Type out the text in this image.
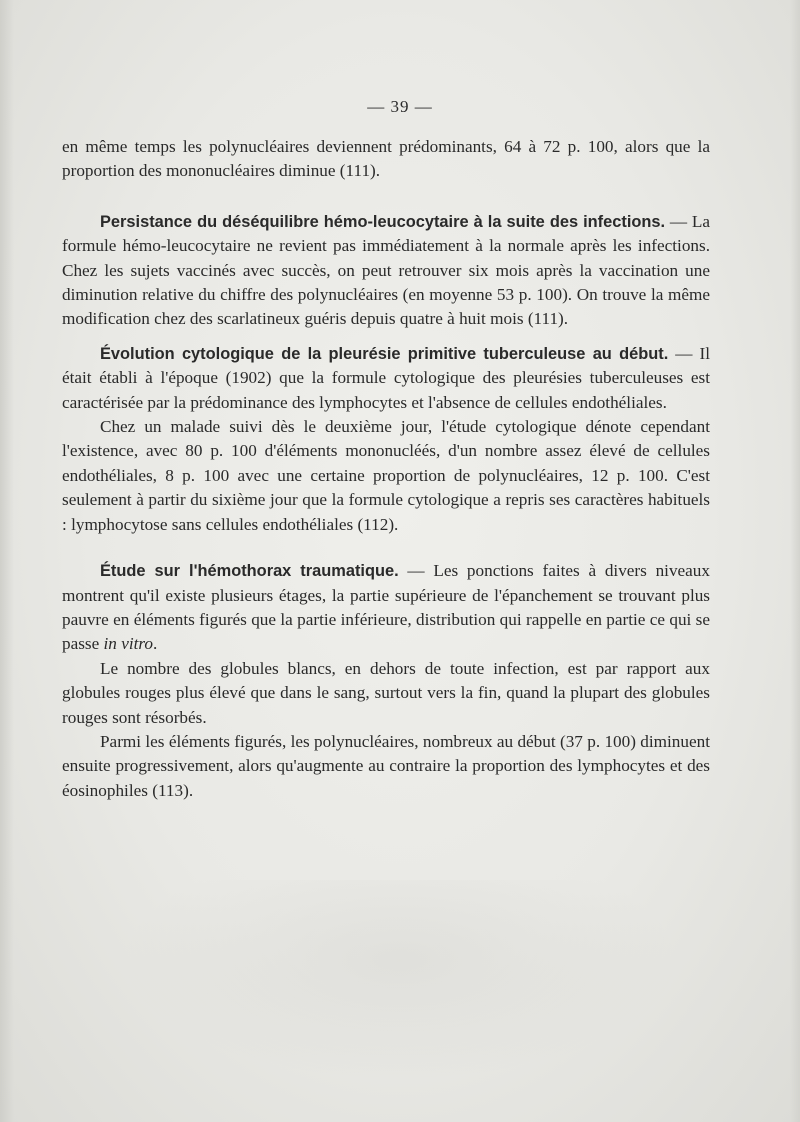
— 39 —

en même temps les polynucléaires deviennent prédominants, 64 à 72 p. 100, alors que la proportion des mononucléaires diminue (111).

Persistance du déséquilibre hémo-leucocytaire à la suite des infections. — La formule hémo-leucocytaire ne revient pas immédiatement à la normale après les infections. Chez les sujets vaccinés avec succès, on peut retrouver six mois après la vaccination une diminution relative du chiffre des polynucléaires (en moyenne 53 p. 100). On trouve la même modification chez des scarlatineux guéris depuis quatre à huit mois (111).

Évolution cytologique de la pleurésie primitive tuberculeuse au début. — Il était établi à l'époque (1902) que la formule cytologique des pleurésies tuberculeuses est caractérisée par la prédominance des lymphocytes et l'absence de cellules endothéliales.

Chez un malade suivi dès le deuxième jour, l'étude cytologique dénote cependant l'existence, avec 80 p. 100 d'éléments mononucléés, d'un nombre assez élevé de cellules endothéliales, 8 p. 100 avec une certaine proportion de polynucléaires, 12 p. 100. C'est seulement à partir du sixième jour que la formule cytologique a repris ses caractères habituels : lymphocytose sans cellules endothéliales (112).

Étude sur l'hémothorax traumatique. — Les ponctions faites à divers niveaux montrent qu'il existe plusieurs étages, la partie supérieure de l'épanchement se trouvant plus pauvre en éléments figurés que la partie inférieure, distribution qui rappelle en partie ce qui se passe in vitro.

Le nombre des globules blancs, en dehors de toute infection, est par rapport aux globules rouges plus élevé que dans le sang, surtout vers la fin, quand la plupart des globules rouges sont résorbés.

Parmi les éléments figurés, les polynucléaires, nombreux au début (37 p. 100) diminuent ensuite progressivement, alors qu'augmente au contraire la proportion des lymphocytes et des éosinophiles (113).
